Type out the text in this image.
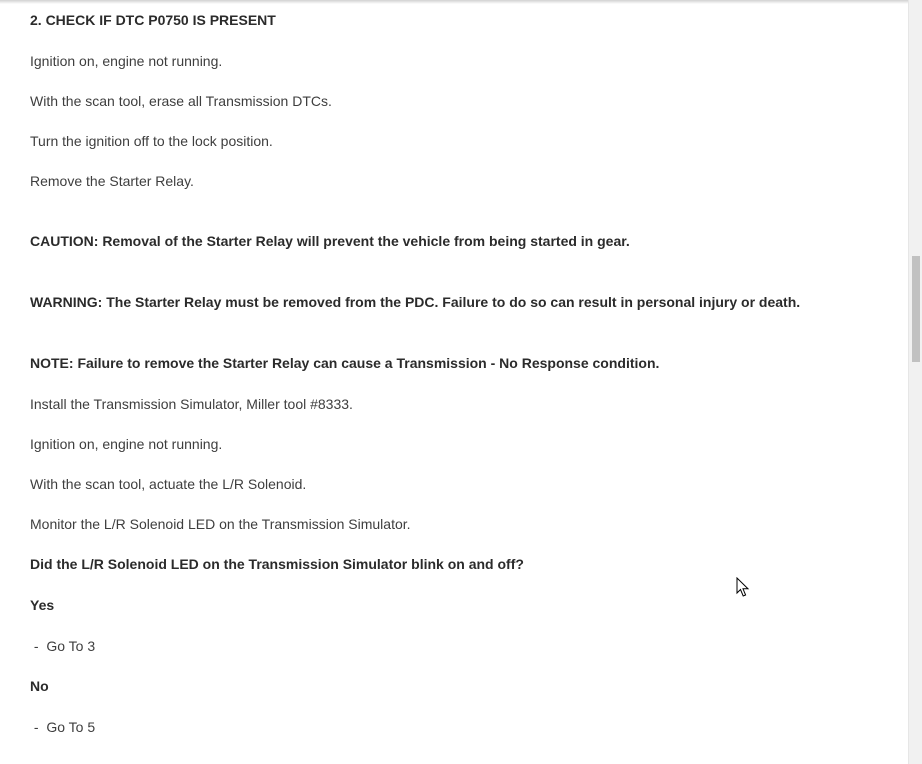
2. CHECK IF DTC P0750 IS PRESENT
Ignition on, engine not running.
With the scan tool, erase all Transmission DTCs.
Turn the ignition off to the lock position.
Remove the Starter Relay.
CAUTION: Removal of the Starter Relay will prevent the vehicle from being started in gear.
WARNING: The Starter Relay must be removed from the PDC. Failure to do so can result in personal injury or death.
NOTE: Failure to remove the Starter Relay can cause a Transmission - No Response condition.
Install the Transmission Simulator, Miller tool #8333.
Ignition on, engine not running.
With the scan tool, actuate the L/R Solenoid.
Monitor the L/R Solenoid LED on the Transmission Simulator.
Did the L/R Solenoid LED on the Transmission Simulator blink on and off?
Yes
-  Go To 3
No
-  Go To 5
